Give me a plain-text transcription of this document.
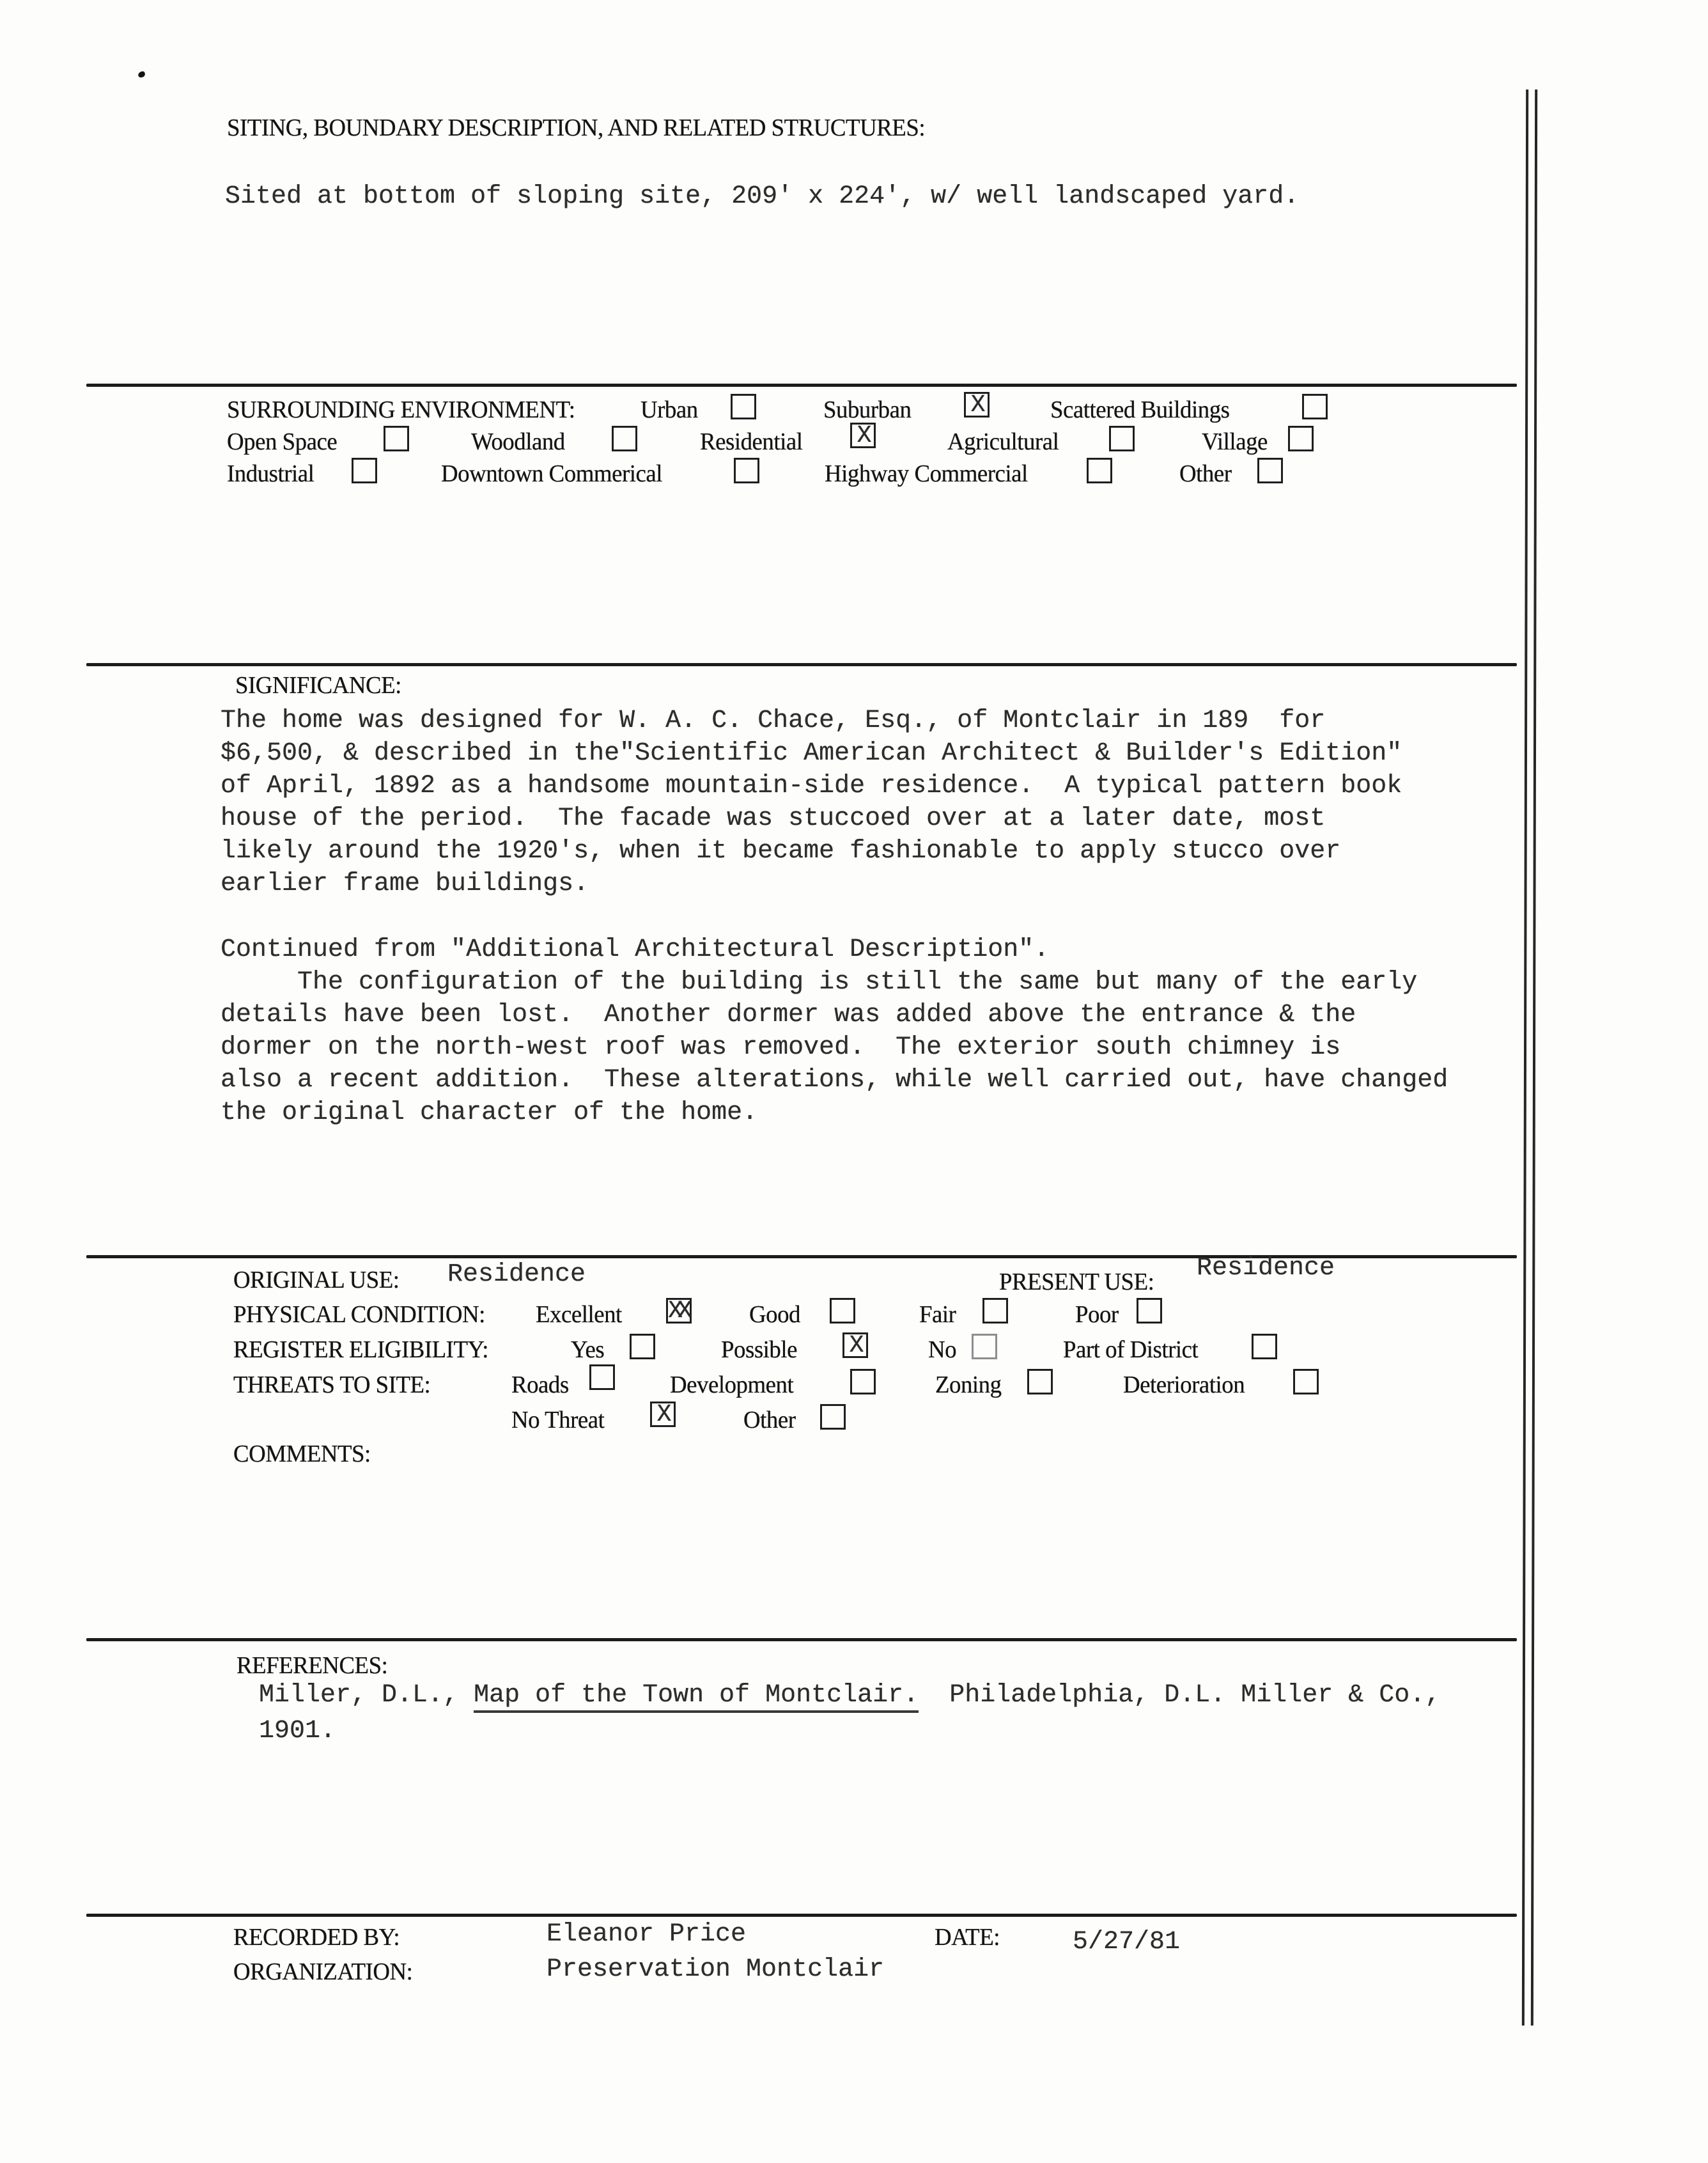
SITING, BOUNDARY DESCRIPTION, AND RELATED STRUCTURES:
Sited at bottom of sloping site, 209' x 224', w/ well landscaped yard.
SURROUNDING ENVIRONMENT:	Urban	Suburban	X	Scattered Buildings
Open Space	Woodland	Residential	X	Agricultural	Village
Industrial	Downtown Commerical	Highway Commercial	Other
SIGNIFICANCE:
The home was designed for W. A. C. Chace, Esq., of Montclair in 189  for
$6,500, & described in the"Scientific American Architect & Builder's Edition"
of April, 1892 as a handsome mountain-side residence.  A typical pattern book
house of the period.  The facade was stuccoed over at a later date, most
likely around the 1920's, when it became fashionable to apply stucco over
earlier frame buildings.
Continued from "Additional Architectural Description".
The configuration of the building is still the same but many of the early
details have been lost.  Another dormer was added above the entrance & the
dormer on the north-west roof was removed.  The exterior south chimney is
also a recent addition.  These alterations, while well carried out, have changed
the original character of the home.
ORIGINAL USE: Residence	PRESENT USE: Residence
PHYSICAL CONDITION: Excellent XX	Good	Fair	Poor
REGISTER ELIGIBILITY:	Yes	Possible	X	No	Part of District
THREATS TO SITE:	Roads	Development	Zoning	Deterioration
No Threat	X	Other
COMMENTS:
REFERENCES:
Miller, D.L., Map of the Town of Montclair.  Philadelphia, D.L. Miller & Co.,
1901.
RECORDED BY:	Eleanor Price	DATE:	5/27/81
ORGANIZATION:	Preservation Montclair
